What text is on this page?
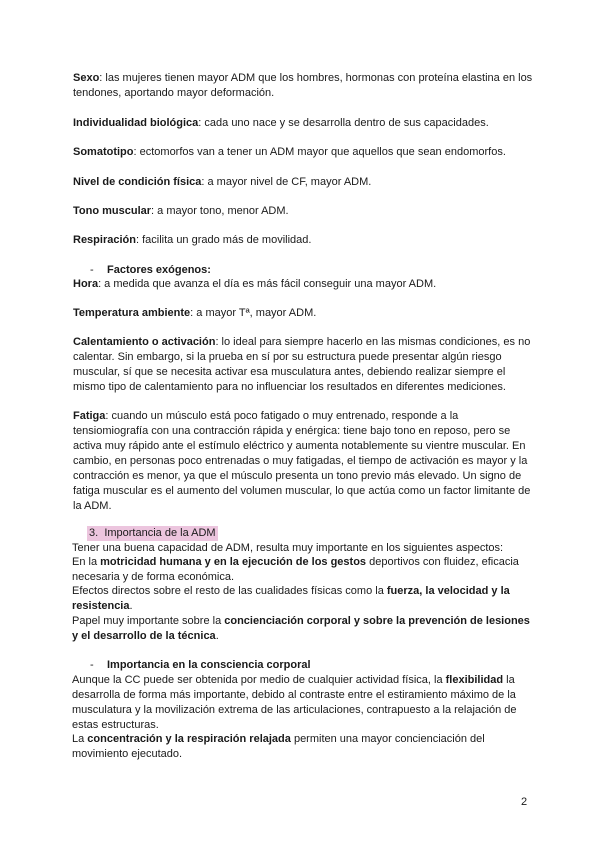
Sexo: las mujeres tienen mayor ADM que los hombres, hormonas con proteína elastina en los tendones, aportando mayor deformación.

Individualidad biológica: cada uno nace y se desarrolla dentro de sus capacidades.

Somatotipo: ectomorfos van a tener un ADM mayor que aquellos que sean endomorfos.

Nivel de condición física: a mayor nivel de CF, mayor ADM.

Tono muscular: a mayor tono, menor ADM.

Respiración: facilita un grado más de movilidad.

- Factores exógenos:

Hora: a medida que avanza el día es más fácil conseguir una mayor ADM.

Temperatura ambiente: a mayor Tª, mayor ADM.

Calentamiento o activación: lo ideal para siempre hacerlo en las mismas condiciones, es no calentar. Sin embargo, si la prueba en sí por su estructura puede presentar algún riesgo muscular, sí que se necesita activar esa musculatura antes, debiendo realizar siempre el mismo tipo de calentamiento para no influenciar los resultados en diferentes mediciones.

Fatiga: cuando un músculo está poco fatigado o muy entrenado, responde a la tensiomiografía con una contracción rápida y enérgica: tiene bajo tono en reposo, pero se activa muy rápido ante el estímulo eléctrico y aumenta notablemente su vientre muscular. En cambio, en personas poco entrenadas o muy fatigadas, el tiempo de activación es mayor y la contracción es menor, ya que el músculo presenta un tono previo más elevado. Un signo de fatiga muscular es el aumento del volumen muscular, lo que actúa como un factor limitante de la ADM.

3. Importancia de la ADM

Tener una buena capacidad de ADM, resulta muy importante en los siguientes aspectos:

En la motricidad humana y en la ejecución de los gestos deportivos con fluidez, eficacia necesaria y de forma económica.

Efectos directos sobre el resto de las cualidades físicas como la fuerza, la velocidad y la resistencia.

Papel muy importante sobre la concienciación corporal y sobre la prevención de lesiones y el desarrollo de la técnica.

- Importancia en la consciencia corporal

Aunque la CC puede ser obtenida por medio de cualquier actividad física, la flexibilidad la desarrolla de forma más importante, debido al contraste entre el estiramiento máximo de la musculatura y la movilización extrema de las articulaciones, contrapuesto a la relajación de estas estructuras.

La concentración y la respiración relajada permiten una mayor concienciación del movimiento ejecutado.

2
